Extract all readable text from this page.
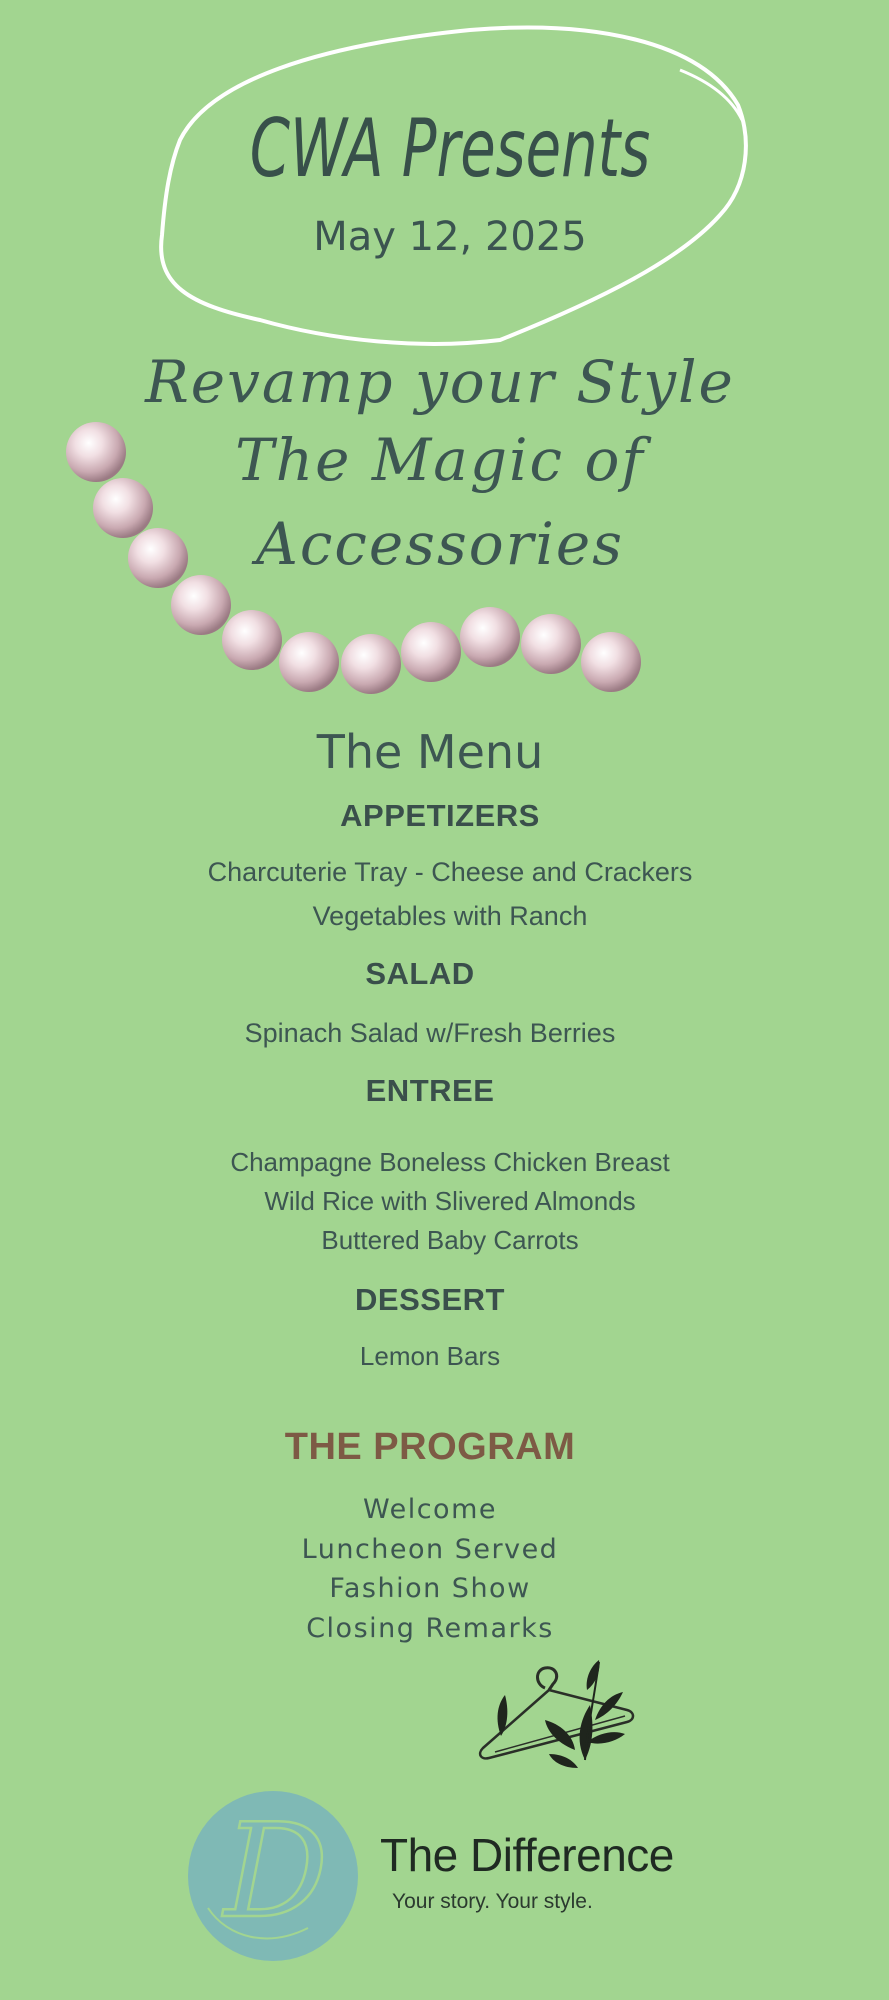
CWA Presents
May 12, 2025
Revamp your Style
The Magic of
Accessories
The Menu
APPETIZERS
Charcuterie Tray - Cheese and Crackers
Vegetables with Ranch
SALAD
Spinach Salad w/Fresh Berries
ENTREE
Champagne Boneless Chicken Breast
Wild Rice with Slivered Almonds
Buttered Baby Carrots
DESSERT
Lemon Bars
THE PROGRAM
Welcome
Luncheon Served
Fashion Show
Closing Remarks
D The Difference
Your story. Your style.
